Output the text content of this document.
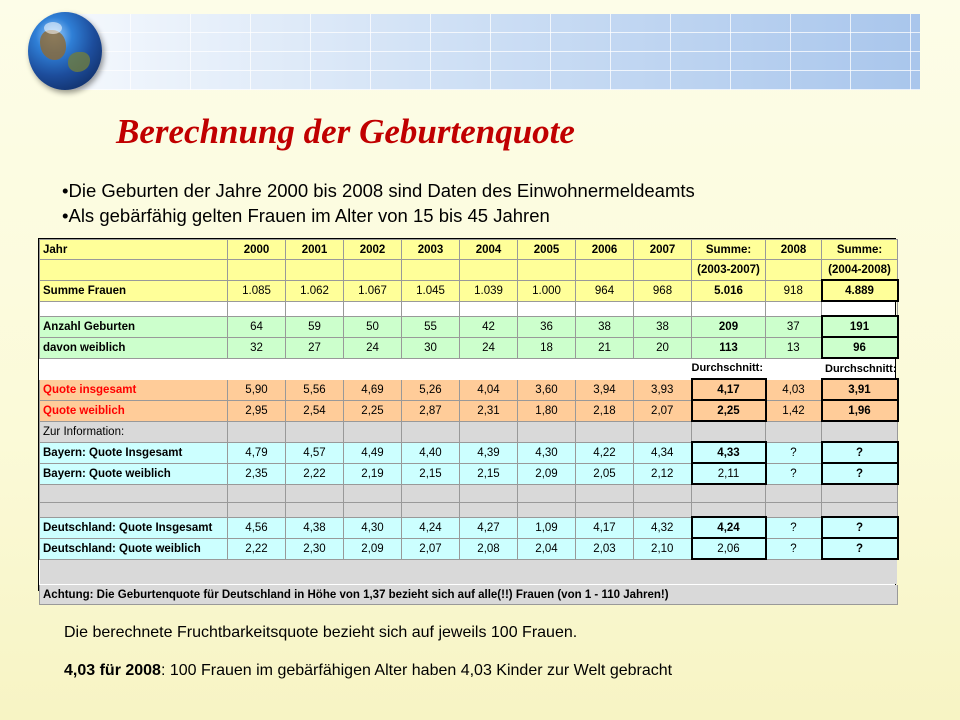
Berechnung der Geburtenquote
• Die Geburten der Jahre 2000 bis 2008 sind Daten des Einwohnermeldeamts
• Als gebärfähig gelten Frauen im Alter von 15 bis 45 Jahren
Jahr	2000	2001	2002	2003	2004	2005	2006	2007	Summe:	2008	Summe:
									(2003-2007)		(2004-2008)
Summe Frauen	1.085	1.062	1.067	1.045	1.039	1.000	964	968	5.016	918	4.889

Anzahl Geburten	64	59	50	55	42	36	38	38	209	37	191
davon weiblich	32	27	24	30	24	18	21	20	113	13	96
								Durchschnitt:			Durchschnitt:
Quote insgesamt	5,90	5,56	4,69	5,26	4,04	3,60	3,94	3,93	4,17	4,03	3,91
Quote weiblich	2,95	2,54	2,25	2,87	2,31	1,80	2,18	2,07	2,25	1,42	1,96
Zur Information:											
Bayern: Quote Insgesamt	4,79	4,57	4,49	4,40	4,39	4,30	4,22	4,34	4,33	?	?
Bayern: Quote weiblich	2,35	2,22	2,19	2,15	2,15	2,09	2,05	2,12	2,11	?	?

Deutschland: Quote Insgesamt	4,56	4,38	4,30	4,24	4,27	1,09	4,17	4,32	4,24	?	?
Deutschland: Quote weiblich	2,22	2,30	2,09	2,07	2,08	2,04	2,03	2,10	2,06	?	?

Achtung: Die Geburtenquote für Deutschland in Höhe von 1,37 bezieht sich auf alle(!!) Frauen (von 1 - 110 Jahren!)											

Die berechnete Fruchtbarkeitsquote bezieht sich auf jeweils 100 Frauen.

4,03 für 2008: 100 Frauen im gebärfähigen Alter haben 4,03 Kinder zur Welt gebracht
